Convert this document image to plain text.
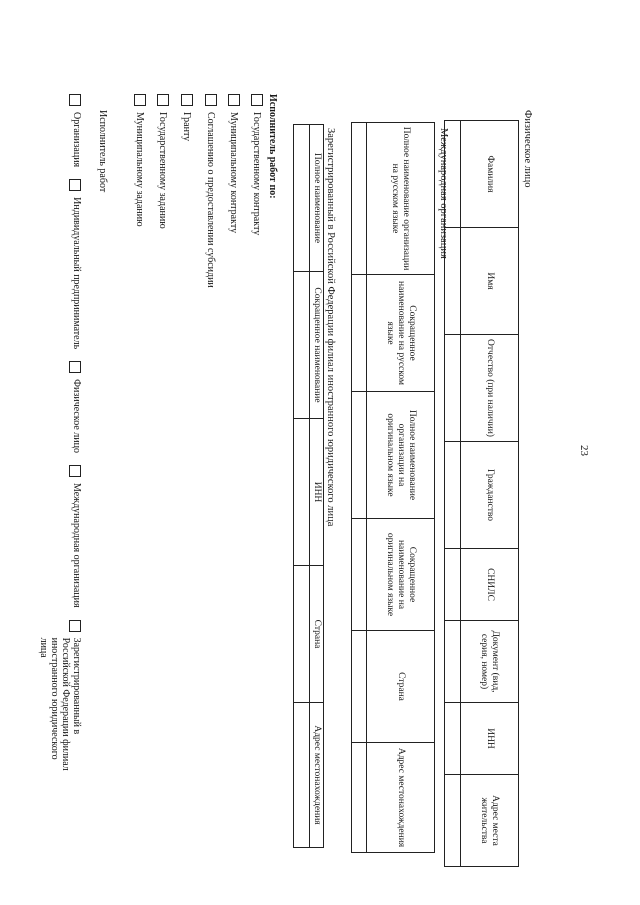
23
Физическое лицо
Фамилия	Имя	Отчество (при наличии)	Гражданство	СНИЛС	Документ (вид, серия, номер)	ИНН	Адрес места жительства

Международная организация
Полное наименование организации на русском языке	Сокращенное наименование на русском языке	Полное наименование организации на оригинальном языке	Сокращенное наименование на оригинальном языке	Страна	Адрес местонахождения

Зарегистрированный в Российской Федерации филиал иностранного юридического лица
Полное наименование	Сокращенное наименование	ИНН	Страна	Адрес местонахождения

Исполнитель работ по:
Государственному контракту
Муниципальному контракту
Соглашению о предоставлении субсидии
Гранту
Государственному заданию
Муниципальному заданию
Исполнитель работ
Организация
Индивидуальный предприниматель
Физическое лицо
Международная организация
Зарегистрированный в Российской Федерации филиал иностранного юридического лица
